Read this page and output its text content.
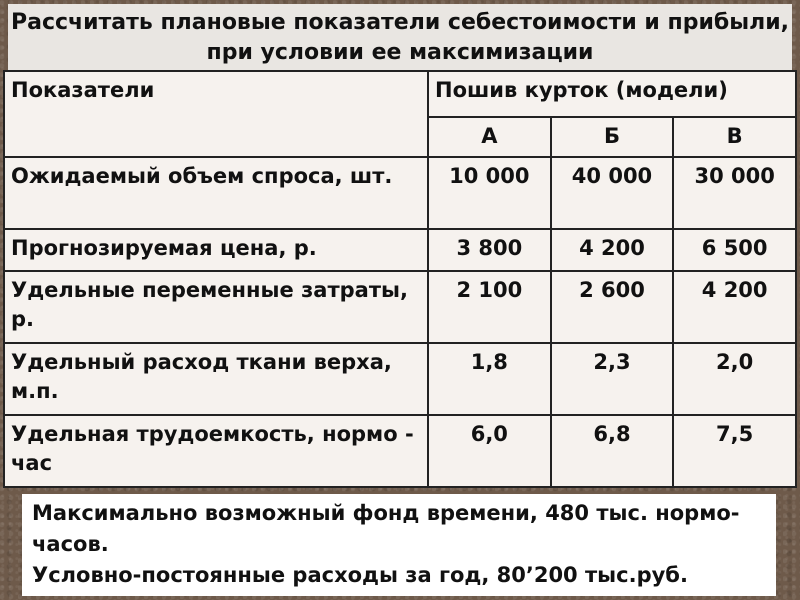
Рассчитать плановые показатели себестоимости и прибыли, при условии ее максимизации
Показатели	Пошив курток (модели)		
	А	Б	В
Ожидаемый объем спроса, шт.	10 000	40 000	30 000
Прогнозируемая цена, р.	3 800	4 200	6 500
Удельные переменные затраты, р.	2 100	2 600	4 200
Удельный расход ткани верха, м.п.	1,8	2,3	2,0
Удельная трудоемкость, нормо - час	6,0	6,8	7,5
Максимально возможный фонд времени, 480 тыс. нормо-часов.
Условно-постоянные расходы за год, 80’200 тыс.руб.
